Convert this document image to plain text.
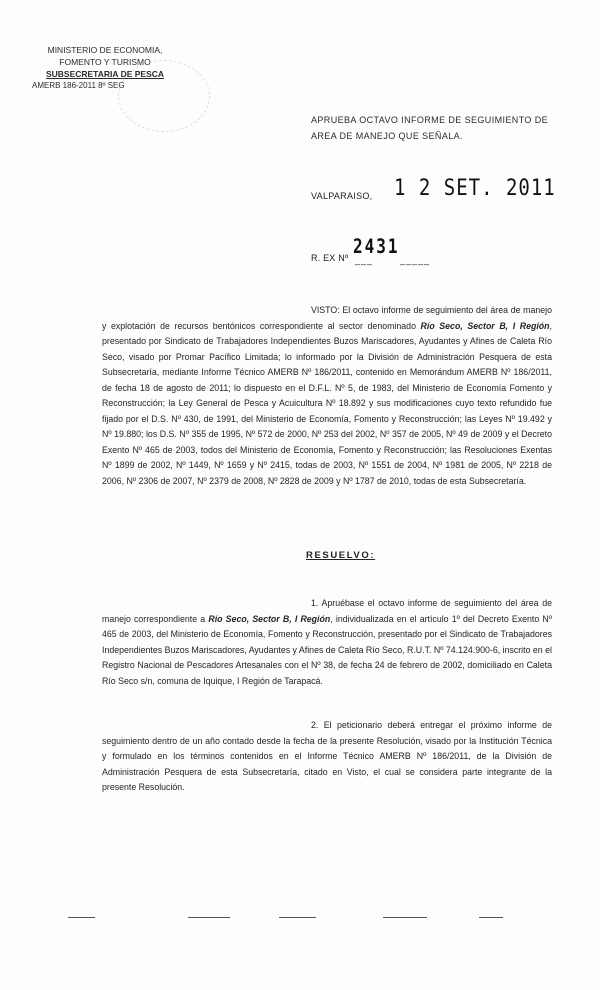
MINISTERIO DE ECONOMIA,
FOMENTO Y TURISMO
SUBSECRETARIA DE PESCA
AMERB 186-2011 8º SEG
APRUEBA OCTAVO INFORME DE SEGUIMIENTO DE AREA DE MANEJO QUE SEÑALA.
VALPARAISO, 1 2 SET. 2011
R. EX Nº ___
2431
_____
VISTO: El octavo informe de seguimiento del área de manejo y explotación de recursos bentónicos correspondiente al sector denominado Río Seco, Sector B, I Región, presentado por Sindicato de Trabajadores Independientes Buzos Mariscadores, Ayudantes y Afines de Caleta Río Seco, visado por Promar Pacífico Limitada; lo informado por la División de Administración Pesquera de esta Subsecretaría, mediante Informe Técnico AMERB Nº 186/2011, contenido en Memorándum AMERB Nº 186/2011, de fecha 18 de agosto de 2011; lo dispuesto en el D.F.L. Nº 5, de 1983, del Ministerio de Economía Fomento y Reconstrucción; la Ley General de Pesca y Acuicultura Nº 18.892 y sus modificaciones cuyo texto refundido fue fijado por el D.S. Nº 430, de 1991, del Ministerio de Economía, Fomento y Reconstrucción; las Leyes Nº 19.492 y Nº 19.880; los D.S. Nº 355 de 1995, Nº 572 de 2000, Nº 253 del 2002, Nº 357 de 2005, Nº 49 de 2009 y el Decreto Exento Nº 465 de 2003, todos del Ministerio de Economía, Fomento y Reconstrucción; las Resoluciones Exentas Nº 1899 de 2002, Nº 1449, Nº 1659 y Nº 2415, todas de 2003, Nº 1551 de 2004, Nº 1981 de 2005, Nº 2218 de 2006, Nº 2306 de 2007, Nº 2379 de 2008, Nº 2828 de 2009 y Nº 1787 de 2010, todas de esta Subsecretaría.
RESUELVO:
1. Apruébase el octavo informe de seguimiento del área de manejo correspondiente a Río Seco, Sector B, I Región, individualizada en el artículo 1º del Decreto Exento Nº 465 de 2003, del Ministerio de Economía, Fomento y Reconstrucción, presentado por el Sindicato de Trabajadores Independientes Buzos Mariscadores, Ayudantes y Afines de Caleta Río Seco, R.U.T. Nº 74.124.900-6, inscrito en el Registro Nacional de Pescadores Artesanales con el Nº 38, de fecha 24 de febrero de 2002, domiciliado en Caleta Río Seco s/n, comuna de Iquique, I Región de Tarapacá.
2. El peticionario deberá entregar el próximo informe de seguimiento dentro de un año contado desde la fecha de la presente Resolución, visado por la Institución Técnica y formulado en los términos contenidos en el Informe Técnico AMERB Nº 186/2011, de la División de Administración Pesquera de esta Subsecretaría, citado en Visto, el cual se considera parte integrante de la presente Resolución.
